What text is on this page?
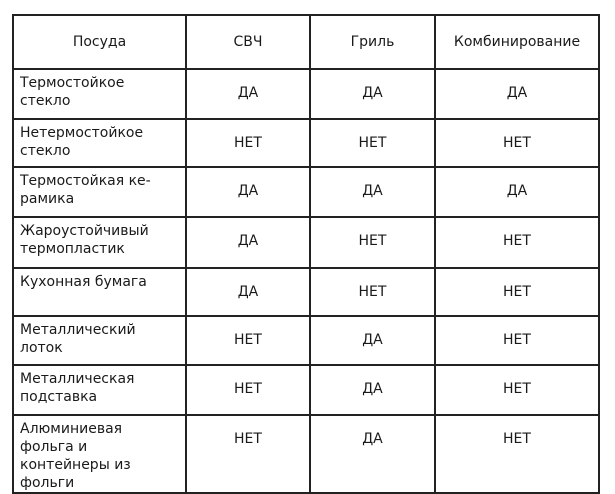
Посуда	СВЧ	Гриль	Комбинирование
Термостойкое стекло	ДА	ДА	ДА
Нетермостойкое стекло	НЕТ	НЕТ	НЕТ
Термостойкая ке-рамика	ДА	ДА	ДА
Жароустойчивый термопластик	ДА	НЕТ	НЕТ
Кухонная бумага	ДА	НЕТ	НЕТ
Металлический лоток	НЕТ	ДА	НЕТ
Металлическая подставка	НЕТ	ДА	НЕТ
Алюминиевая фольга и контейнеры из фольги	НЕТ	ДА	НЕТ
